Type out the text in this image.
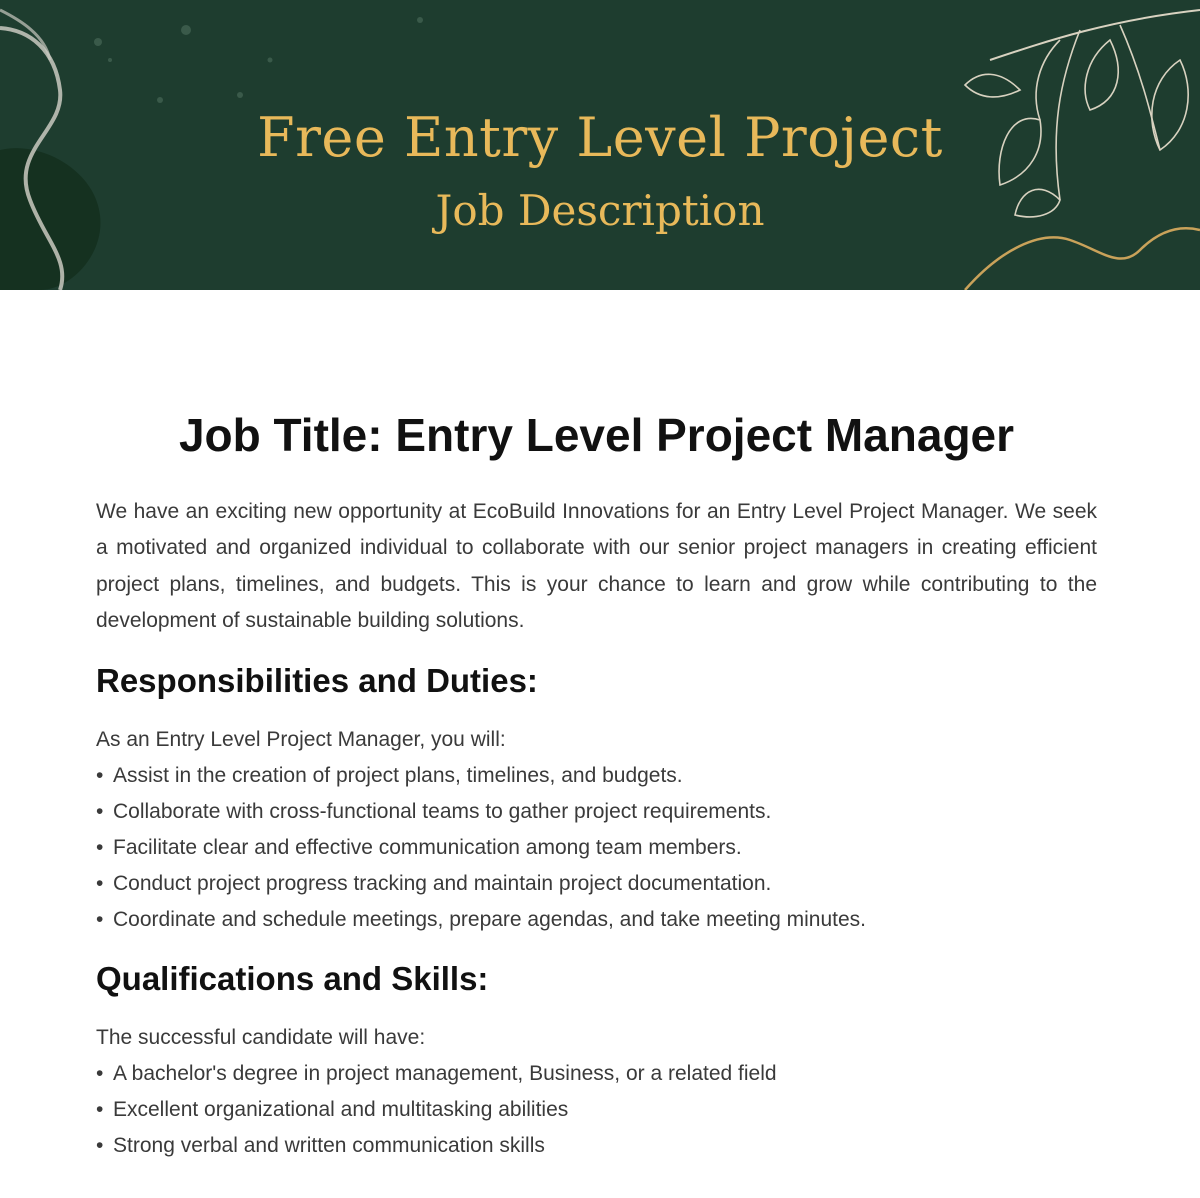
Free Entry Level Project
Job Description
Job Title: Entry Level Project Manager

We have an exciting new opportunity at EcoBuild Innovations for an Entry Level Project Manager. We seek a motivated and organized individual to collaborate with our senior project managers in creating efficient project plans, timelines, and budgets. This is your chance to learn and grow while contributing to the development of sustainable building solutions.

Responsibilities and Duties:

As an Entry Level Project Manager, you will:

• Assist in the creation of project plans, timelines, and budgets.
• Collaborate with cross-functional teams to gather project requirements.
• Facilitate clear and effective communication among team members.
• Conduct project progress tracking and maintain project documentation.
• Coordinate and schedule meetings, prepare agendas, and take meeting minutes.
Qualifications and Skills:

The successful candidate will have:

• A bachelor's degree in project management, Business, or a related field
• Excellent organizational and multitasking abilities
• Strong verbal and written communication skills
